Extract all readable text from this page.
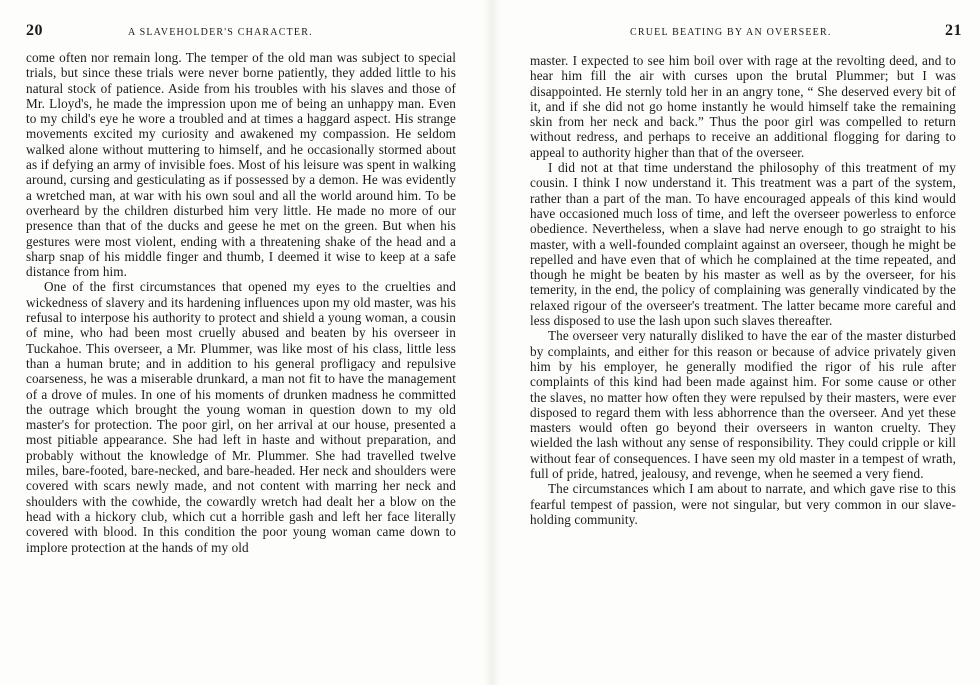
20	A SLAVEHOLDER'S CHARACTER.

come often nor remain long. The temper of the old man was subject to special trials, but since these trials were never borne patiently, they added little to his natural stock of patience. Aside from his troubles with his slaves and those of Mr. Lloyd's, he made the impression upon me of being an unhappy man. Even to my child's eye he wore a troubled and at times a haggard aspect. His strange movements excited my curiosity and awakened my compassion. He seldom walked alone without muttering to himself, and he occasionally stormed about as if defying an army of invisible foes. Most of his leisure was spent in walking around, cursing and gesticulating as if possessed by a demon. He was evidently a wretched man, at war with his own soul and all the world around him. To be overheard by the children disturbed him very little. He made no more of our presence than that of the ducks and geese he met on the green. But when his gestures were most violent, ending with a threatening shake of the head and a sharp snap of his middle finger and thumb, I deemed it wise to keep at a safe distance from him.

One of the first circumstances that opened my eyes to the cruelties and wickedness of slavery and its hardening influences upon my old master, was his refusal to interpose his authority to protect and shield a young woman, a cousin of mine, who had been most cruelly abused and beaten by his overseer in Tuckahoe. This overseer, a Mr. Plummer, was like most of his class, little less than a human brute; and in addition to his general profligacy and repulsive coarseness, he was a miserable drunkard, a man not fit to have the management of a drove of mules. In one of his moments of drunken madness he committed the outrage which brought the young woman in question down to my old master's for protection. The poor girl, on her arrival at our house, presented a most pitiable appearance. She had left in haste and without preparation, and probably without the knowledge of Mr. Plummer. She had travelled twelve miles, bare-footed, bare-necked, and bare-headed. Her neck and shoulders were covered with scars newly made, and not content with marring her neck and shoulders with the cowhide, the cowardly wretch had dealt her a blow on the head with a hickory club, which cut a horrible gash and left her face literally covered with blood. In this condition the poor young woman came down to implore protection at the hands of my old

CRUEL BEATING BY AN OVERSEER.	21

master. I expected to see him boil over with rage at the revolting deed, and to hear him fill the air with curses upon the brutal Plummer; but I was disappointed. He sternly told her in an angry tone, “ She deserved every bit of it, and if she did not go home instantly he would himself take the remaining skin from her neck and back.” Thus the poor girl was compelled to return without redress, and perhaps to receive an additional flogging for daring to appeal to authority higher than that of the overseer.

I did not at that time understand the philosophy of this treatment of my cousin. I think I now understand it. This treatment was a part of the system, rather than a part of the man. To have encouraged appeals of this kind would have occasioned much loss of time, and left the overseer powerless to enforce obedience. Nevertheless, when a slave had nerve enough to go straight to his master, with a well-founded complaint against an overseer, though he might be repelled and have even that of which he complained at the time repeated, and though he might be beaten by his master as well as by the overseer, for his temerity, in the end, the policy of complaining was generally vindicated by the relaxed rigour of the overseer's treatment. The latter became more careful and less disposed to use the lash upon such slaves thereafter.

The overseer very naturally disliked to have the ear of the master disturbed by complaints, and either for this reason or because of advice privately given him by his employer, he generally modified the rigor of his rule after complaints of this kind had been made against him. For some cause or other the slaves, no matter how often they were repulsed by their masters, were ever disposed to regard them with less abhorrence than the overseer. And yet these masters would often go beyond their overseers in wanton cruelty. They wielded the lash without any sense of responsibility. They could cripple or kill without fear of consequences. I have seen my old master in a tempest of wrath, full of pride, hatred, jealousy, and revenge, when he seemed a very fiend.

The circumstances which I am about to narrate, and which gave rise to this fearful tempest of passion, were not singular, but very common in our slave-holding community.
